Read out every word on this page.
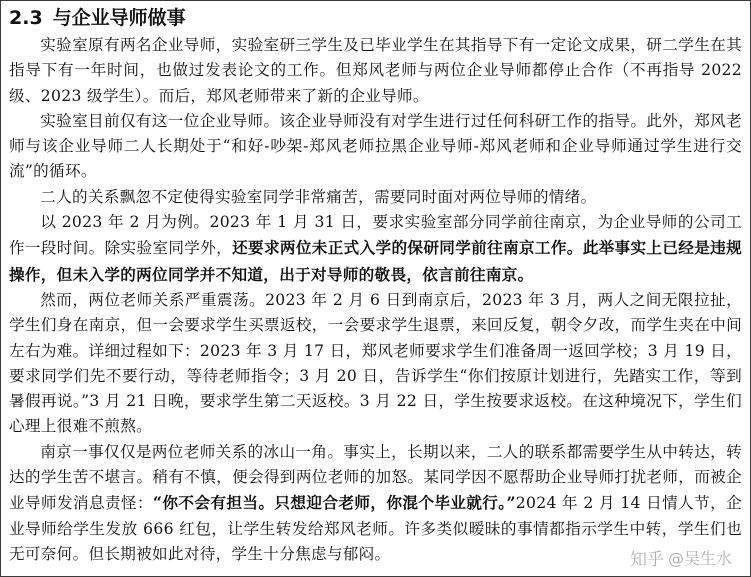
2.3 与企业导师做事

实验室原有两名企业导师，实验室研三学生及已毕业学生在其指导下有一定论文成果，研二学生在其指导下有一年时间，也做过发表论文的工作。但郑风老师与两位企业导师都停止合作（不再指导 2022 级、2023 级学生）。而后，郑风老师带来了新的企业导师。

实验室目前仅有这一位企业导师。该企业导师没有对学生进行过任何科研工作的指导。此外，郑风老师与该企业导师二人长期处于“和好-吵架-郑风老师拉黑企业导师-郑风老师和企业导师通过学生进行交流”的循环。

二人的关系飘忽不定使得实验室同学非常痛苦，需要同时面对两位导师的情绪。

以 2023 年 2 月为例。2023 年 1 月 31 日，要求实验室部分同学前往南京，为企业导师的公司工作一段时间。除实验室同学外，还要求两位未正式入学的保研同学前往南京工作。此举事实上已经是违规操作，但未入学的两位同学并不知道，出于对导师的敬畏，依言前往南京。

然而，两位老师关系严重震荡。2023 年 2 月 6 日到南京后，2023 年 3 月，两人之间无限拉扯，学生们身在南京，但一会要求学生买票返校，一会要求学生退票，来回反复，朝令夕改，而学生夹在中间左右为难。详细过程如下：2023 年 3 月 17 日，郑风老师要求学生们准备周一返回学校；3 月 19 日，要求同学们先不要行动，等待老师指令；3 月 20 日，告诉学生“你们按原计划进行，先踏实工作，等到暑假再说。”3 月 21 日晚，要求学生第二天返校。3 月 22 日，学生按要求返校。在这种境况下，学生们心理上很难不煎熬。

南京一事仅仅是两位老师关系的冰山一角。事实上，长期以来，二人的联系都需要学生从中转达，转达的学生苦不堪言。稍有不慎，便会得到两位老师的加怒。某同学因不愿帮助企业导师打扰老师，而被企业导师发消息责怪：“你不会有担当。只想迎合老师，你混个毕业就行。”2024 年 2 月 14 日情人节，企业导师给学生发放 666 红包，让学生转发给郑风老师。许多类似暧昧的事情都指示学生中转，学生们也无可奈何。但长期被如此对待，学生十分焦虑与郁闷。	知乎 @吴生水
